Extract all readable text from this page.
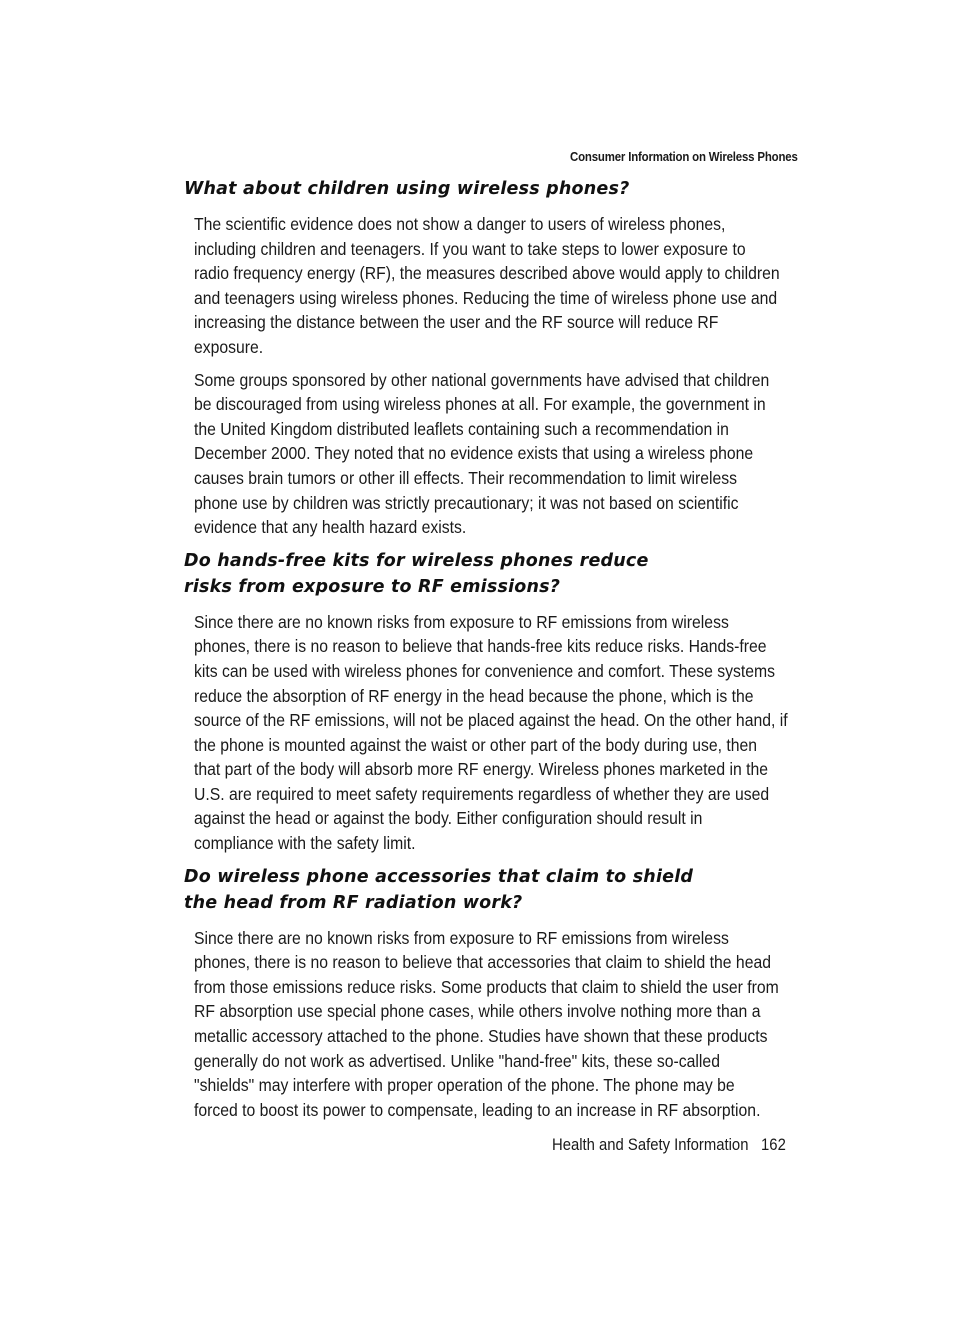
Consumer Information on Wireless Phones
What about children using wireless phones?
The scientific evidence does not show a danger to users of wireless phones,
including children and teenagers. If you want to take steps to lower exposure to
radio frequency energy (RF), the measures described above would apply to children
and teenagers using wireless phones. Reducing the time of wireless phone use and
increasing the distance between the user and the RF source will reduce RF
exposure.
Some groups sponsored by other national governments have advised that children
be discouraged from using wireless phones at all. For example, the government in
the United Kingdom distributed leaflets containing such a recommendation in
December 2000. They noted that no evidence exists that using a wireless phone
causes brain tumors or other ill effects. Their recommendation to limit wireless
phone use by children was strictly precautionary; it was not based on scientific
evidence that any health hazard exists.
Do hands-free kits for wireless phones reduce
risks from exposure to RF emissions?
Since there are no known risks from exposure to RF emissions from wireless
phones, there is no reason to believe that hands-free kits reduce risks. Hands-free
kits can be used with wireless phones for convenience and comfort. These systems
reduce the absorption of RF energy in the head because the phone, which is the
source of the RF emissions, will not be placed against the head. On the other hand, if
the phone is mounted against the waist or other part of the body during use, then
that part of the body will absorb more RF energy. Wireless phones marketed in the
U.S. are required to meet safety requirements regardless of whether they are used
against the head or against the body. Either configuration should result in
compliance with the safety limit.
Do wireless phone accessories that claim to shield
the head from RF radiation work?
Since there are no known risks from exposure to RF emissions from wireless
phones, there is no reason to believe that accessories that claim to shield the head
from those emissions reduce risks. Some products that claim to shield the user from
RF absorption use special phone cases, while others involve nothing more than a
metallic accessory attached to the phone. Studies have shown that these products
generally do not work as advertised. Unlike "hand-free" kits, these so-called
"shields" may interfere with proper operation of the phone. The phone may be
forced to boost its power to compensate, leading to an increase in RF absorption.
Health and Safety Information 162
